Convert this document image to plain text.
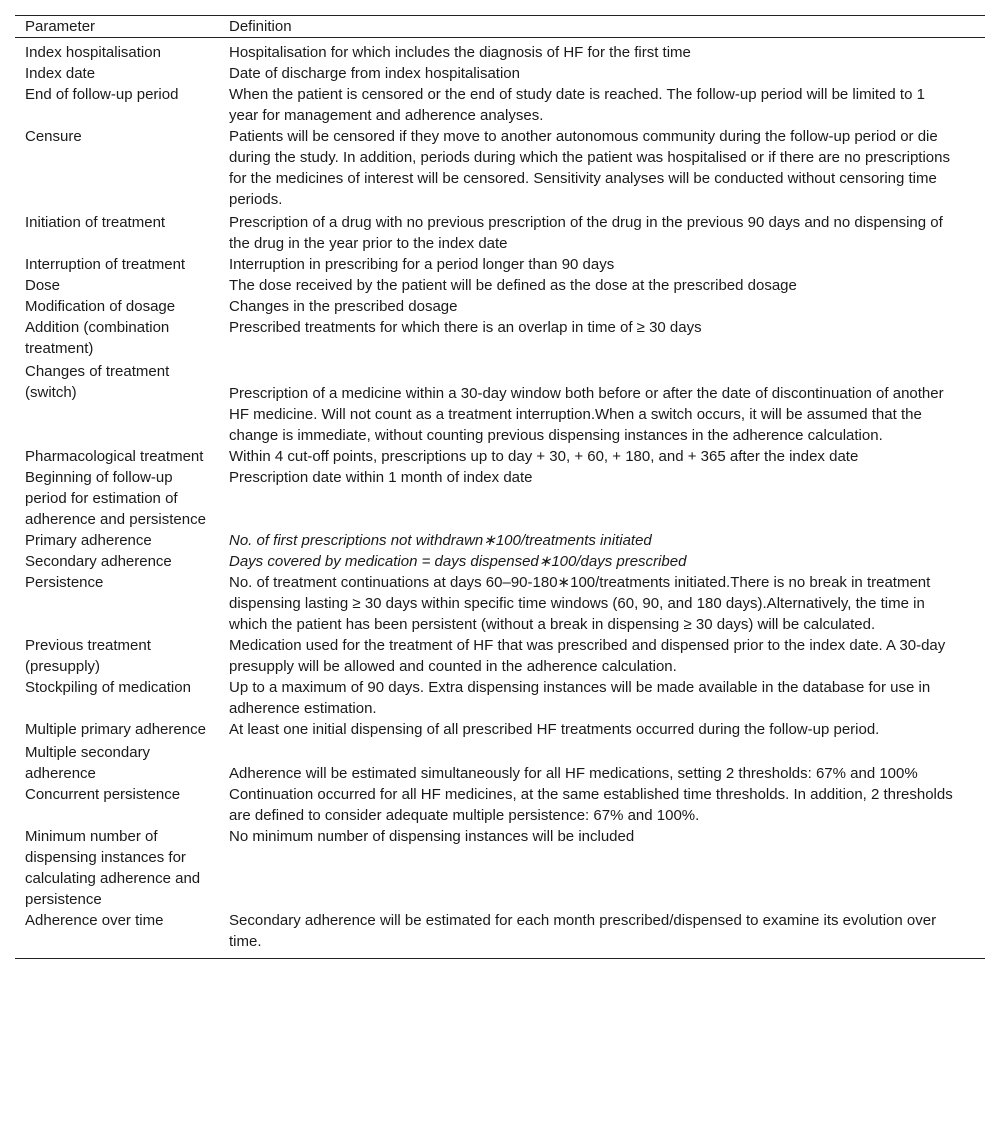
Parameter	Definition
Index hospitalisation	Hospitalisation for which includes the diagnosis of HF for the first time
Index date	Date of discharge from index hospitalisation
End of follow-up period	When the patient is censored or the end of study date is reached. The follow-up period will be limited to 1 year for management and adherence analyses.
Censure	Patients will be censored if they move to another autonomous community during the follow-up period or die during the study. In addition, periods during which the patient was hospitalised or if there are no prescriptions for the medicines of interest will be censored. Sensitivity analyses will be conducted without censoring time periods.
Initiation of treatment	Prescription of a drug with no previous prescription of the drug in the previous 90 days and no dispensing of the drug in the year prior to the index date
Interruption of treatment	Interruption in prescribing for a period longer than 90 days
Dose	The dose received by the patient will be defined as the dose at the prescribed dosage
Modification of dosage	Changes in the prescribed dosage
Addition (combination treatment)	Prescribed treatments for which there is an overlap in time of ≥ 30 days
Changes of treatment (switch)	Prescription of a medicine within a 30-day window both before or after the date of discontinuation of another HF medicine. Will not count as a treatment interruption.When a switch occurs, it will be assumed that the change is immediate, without counting previous dispensing instances in the adherence calculation.
Pharmacological treatment	Within 4 cut-off points, prescriptions up to day + 30, + 60, + 180, and + 365 after the index date
Beginning of follow-up period for estimation of adherence and persistence	Prescription date within 1 month of index date
Primary adherence	No. of first prescriptions not withdrawn∗100/treatments initiated
Secondary adherence	Days covered by medication = days dispensed∗100/days prescribed
Persistence	No. of treatment continuations at days 60–90-180∗100/treatments initiated.There is no break in treatment dispensing lasting ≥ 30 days within specific time windows (60, 90, and 180 days).Alternatively, the time in which the patient has been persistent (without a break in dispensing ≥ 30 days) will be calculated.
Previous treatment (presupply)	Medication used for the treatment of HF that was prescribed and dispensed prior to the index date. A 30-day presupply will be allowed and counted in the adherence calculation.
Stockpiling of medication	Up to a maximum of 90 days. Extra dispensing instances will be made available in the database for use in adherence estimation.
Multiple primary adherence	At least one initial dispensing of all prescribed HF treatments occurred during the follow-up period.
Multiple secondary adherence	Adherence will be estimated simultaneously for all HF medications, setting 2 thresholds: 67% and 100%
Concurrent persistence	Continuation occurred for all HF medicines, at the same established time thresholds. In addition, 2 thresholds are defined to consider adequate multiple persistence: 67% and 100%.
Minimum number of dispensing instances for calculating adherence and persistence	No minimum number of dispensing instances will be included
Adherence over time	Secondary adherence will be estimated for each month prescribed/dispensed to examine its evolution over time.
